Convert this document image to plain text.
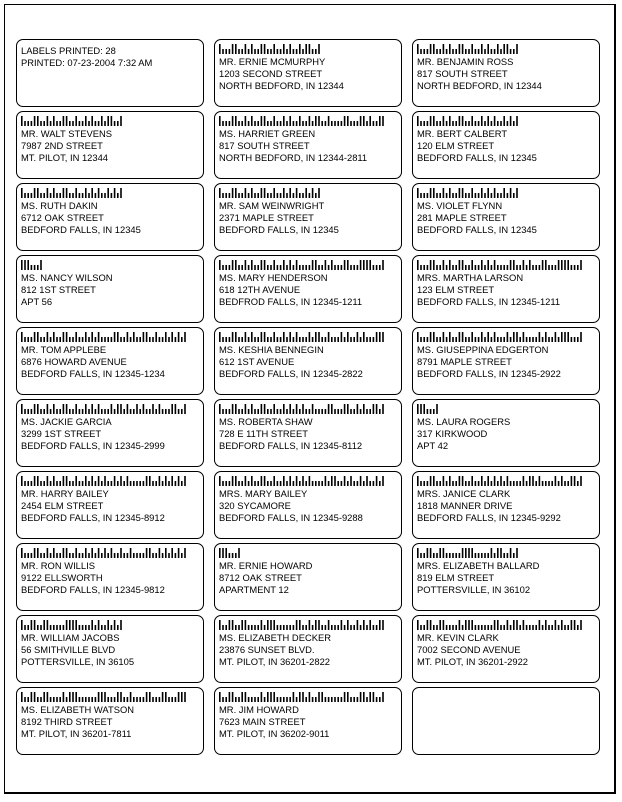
LABELS PRINTED: 28
PRINTED: 07-23-2004 7:32 AM	MR. ERNIE MCMURPHY
1203 SECOND STREET
NORTH BEDFORD, IN 12344
MR. BENJAMIN ROSS
817 SOUTH STREET
NORTH BEDFORD, IN 12344
MR. WALT STEVENS
7987 2ND STREET
MT. PILOT, IN 12344
MS. HARRIET GREEN
817 SOUTH STREET
NORTH BEDFORD, IN 12344-2811
MR. BERT CALBERT
120 ELM STREET
BEDFORD FALLS, IN 12345
MS. RUTH DAKIN
6712 OAK STREET
BEDFORD FALLS, IN 12345
MR. SAM WEINWRIGHT
2371 MAPLE STREET
BEDFORD FALLS, IN 12345
MS. VIOLET FLYNN
281 MAPLE STREET
BEDFORD FALLS, IN 12345
MS. NANCY WILSON
812 1ST STREET
APT 56
MS. MARY HENDERSON
618 12TH AVENUE
BEDFROD FALLS, IN 12345-1211
MRS. MARTHA LARSON
123 ELM STREET
BEDFORD FALLS, IN 12345-1211
MR. TOM APPLEBE
6876 HOWARD AVENUE
BEDFORD FALLS, IN 12345-1234
MS. KESHIA BENNEGIN
612 1ST AVENUE
BEDFORD FALLS, IN 12345-2822
MS. GIUSEPPINA EDGERTON
8791 MAPLE STREET
BEDFORD FALLS, IN 12345-2922
MS. JACKIE GARCIA
3299 1ST STREET
BEDFORD FALLS, IN 12345-2999
MS. ROBERTA SHAW
728 E 11TH STREET
BEDFORD FALLS, IN 12345-8112
MS. LAURA ROGERS
317 KIRKWOOD
APT 42
MR. HARRY BAILEY
2454 ELM STREET
BEDFORD FALLS, IN 12345-8912
MRS. MARY BAILEY
320 SYCAMORE
BEDFORD FALLS, IN 12345-9288
MRS. JANICE CLARK
1818 MANNER DRIVE
BEDFORD FALLS, IN 12345-9292
MR. RON WILLIS
9122 ELLSWORTH
BEDFORD FALLS, IN 12345-9812
MR. ERNIE HOWARD
8712 OAK STREET
APARTMENT 12
MRS. ELIZABETH BALLARD
819 ELM STREET
POTTERSVILLE, IN 36102
MR. WILLIAM JACOBS
56 SMITHVILLE BLVD
POTTERSVILLE, IN 36105
MS. ELIZABETH DECKER
23876 SUNSET BLVD.
MT. PILOT, IN 36201-2822
MR. KEVIN CLARK
7002 SECOND AVENUE
MT. PILOT, IN 36201-2922
MS. ELIZABETH WATSON
8192 THIRD STREET
MT. PILOT, IN 36201-7811
MR. JIM HOWARD
7623 MAIN STREET
MT. PILOT, IN 36202-9011
